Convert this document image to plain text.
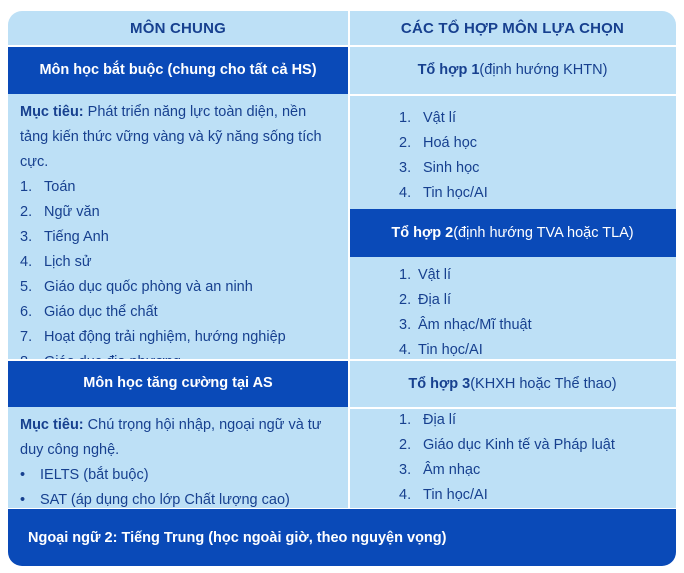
MÔN CHUNG	CÁC TỔ HỢP MÔN LỰA CHỌN
Môn học bắt buộc (chung cho tất cả HS)

Mục tiêu: Phát triển năng lực toàn diện, nền tảng kiến thức vững vàng và kỹ năng sống tích cực.

1. Toán
2. Ngữ văn
3. Tiếng Anh
4. Lịch sử
5. Giáo dục quốc phòng và an ninh
6. Giáo dục thể chất
7. Hoạt động trải nghiệm, hướng nghiệp
Môn học tăng cường tại AS

Mục tiêu: Chú trọng hội nhập, ngoại ngữ và tư duy công nghệ.

• IELTS (bắt buộc)
• SAT (áp dụng cho lớp Chất lượng cao)
Tổ hợp 1 (định hướng KHTN)
1. Vật lí
2. Hoá học
3. Sinh học
4. Tin học/AI
Tổ hợp 2 (định hướng TVA hoặc TLA)
1. Vật lí
2. Địa lí
3. Âm nhạc/Mĩ thuật
4. Tin học/AI
Tổ hợp 3 (KHXH hoặc Thể thao)
1. Địa lí
2. Giáo dục Kinh tế và Pháp luật
3. Âm nhạc
4. Tin học/AI
Ngoại ngữ 2: Tiếng Trung (học ngoài giờ, theo nguyện vọng)
